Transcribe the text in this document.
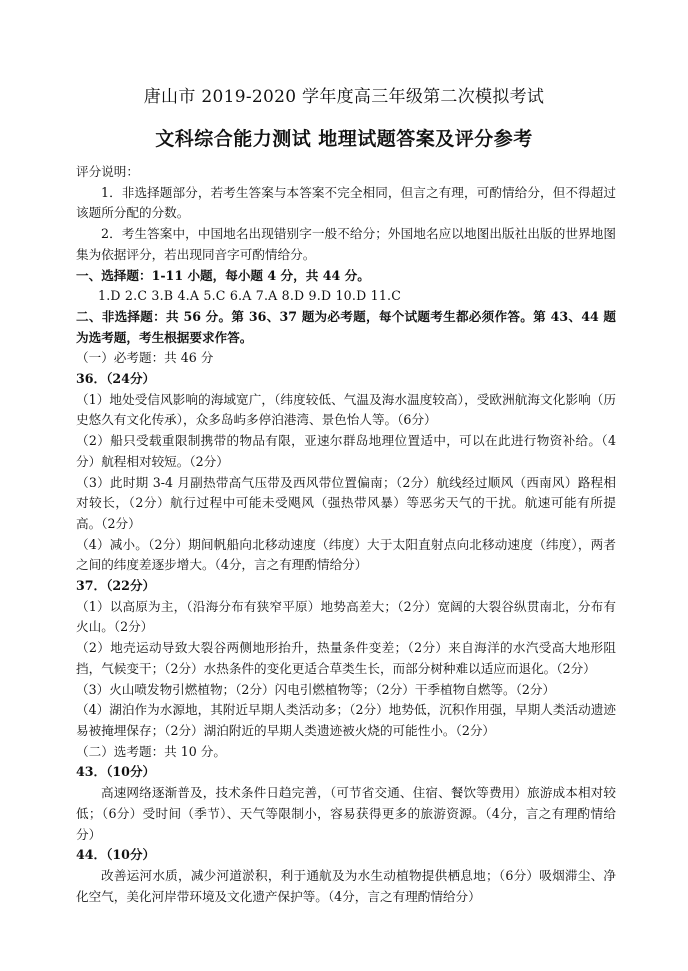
唐山市 2019-2020 学年度高三年级第二次模拟考试
文科综合能力测试 地理试题答案及评分参考

评分说明：

1．非选择题部分，若考生答案与本答案不完全相同，但言之有理，可酌情给分，但不得超过该题所分配的分数。

2．考生答案中，中国地名出现错别字一般不给分；外国地名应以地图出版社出版的世界地图集为依据评分，若出现同音字可酌情给分。

一、选择题：1-11 小题，每小题 4 分，共 44 分。

1.D 2.C 3.B 4.A 5.C 6.A 7.A 8.D 9.D 10.D 11.C

二、非选择题：共 56 分。第 36、37 题为必考题，每个试题考生都必须作答。第 43、44 题为选考题，考生根据要求作答。

（一）必考题：共 46 分

36．（24分）

（1）地处受信风影响的海域宽广，（纬度较低、气温及海水温度较高），受欧洲航海文化影响（历史悠久有文化传承），众多岛屿多停泊港湾、景色怡人等。（6分）

（2）船只受载重限制携带的物品有限，亚速尔群岛地理位置适中，可以在此进行物资补给。（4分）航程相对较短。（2分）

（3）此时期 3-4 月副热带高气压带及西风带位置偏南；（2分）航线经过顺风（西南风）路程相对较长，（2分）航行过程中可能未受飓风（强热带风暴）等恶劣天气的干扰。航速可能有所提高。（2分）

（4）减小。（2分）期间帆船向北移动速度（纬度）大于太阳直射点向北移动速度（纬度），两者之间的纬度差逐步增大。（4分，言之有理酌情给分）

37．（22分）

（1）以高原为主，（沿海分布有狭窄平原）地势高差大；（2分）宽阔的大裂谷纵贯南北，分布有火山。（2分）

（2）地壳运动导致大裂谷两侧地形抬升，热量条件变差；（2分）来自海洋的水汽受高大地形阻挡，气候变干；（2分）水热条件的变化更适合草类生长，而部分树种难以适应而退化。（2分）

（3）火山喷发物引燃植物；（2分）闪电引燃植物等；（2分）干季植物自燃等。（2分）

（4）湖泊作为水源地，其附近早期人类活动多；（2分）地势低，沉积作用强，早期人类活动遗迹易被掩埋保存；（2分）湖泊附近的早期人类遗迹被火烧的可能性小。（2分）

（二）选考题：共 10 分。

43．（10分）

高速网络逐渐普及，技术条件日趋完善，（可节省交通、住宿、餐饮等费用）旅游成本相对较低；（6分）受时间（季节）、天气等限制小，容易获得更多的旅游资源。（4分，言之有理酌情给分）

44．（10分）

改善运河水质，减少河道淤积，利于通航及为水生动植物提供栖息地；（6分）吸烟滞尘、净化空气，美化河岸带环境及文化遗产保护等。（4分，言之有理酌情给分）
